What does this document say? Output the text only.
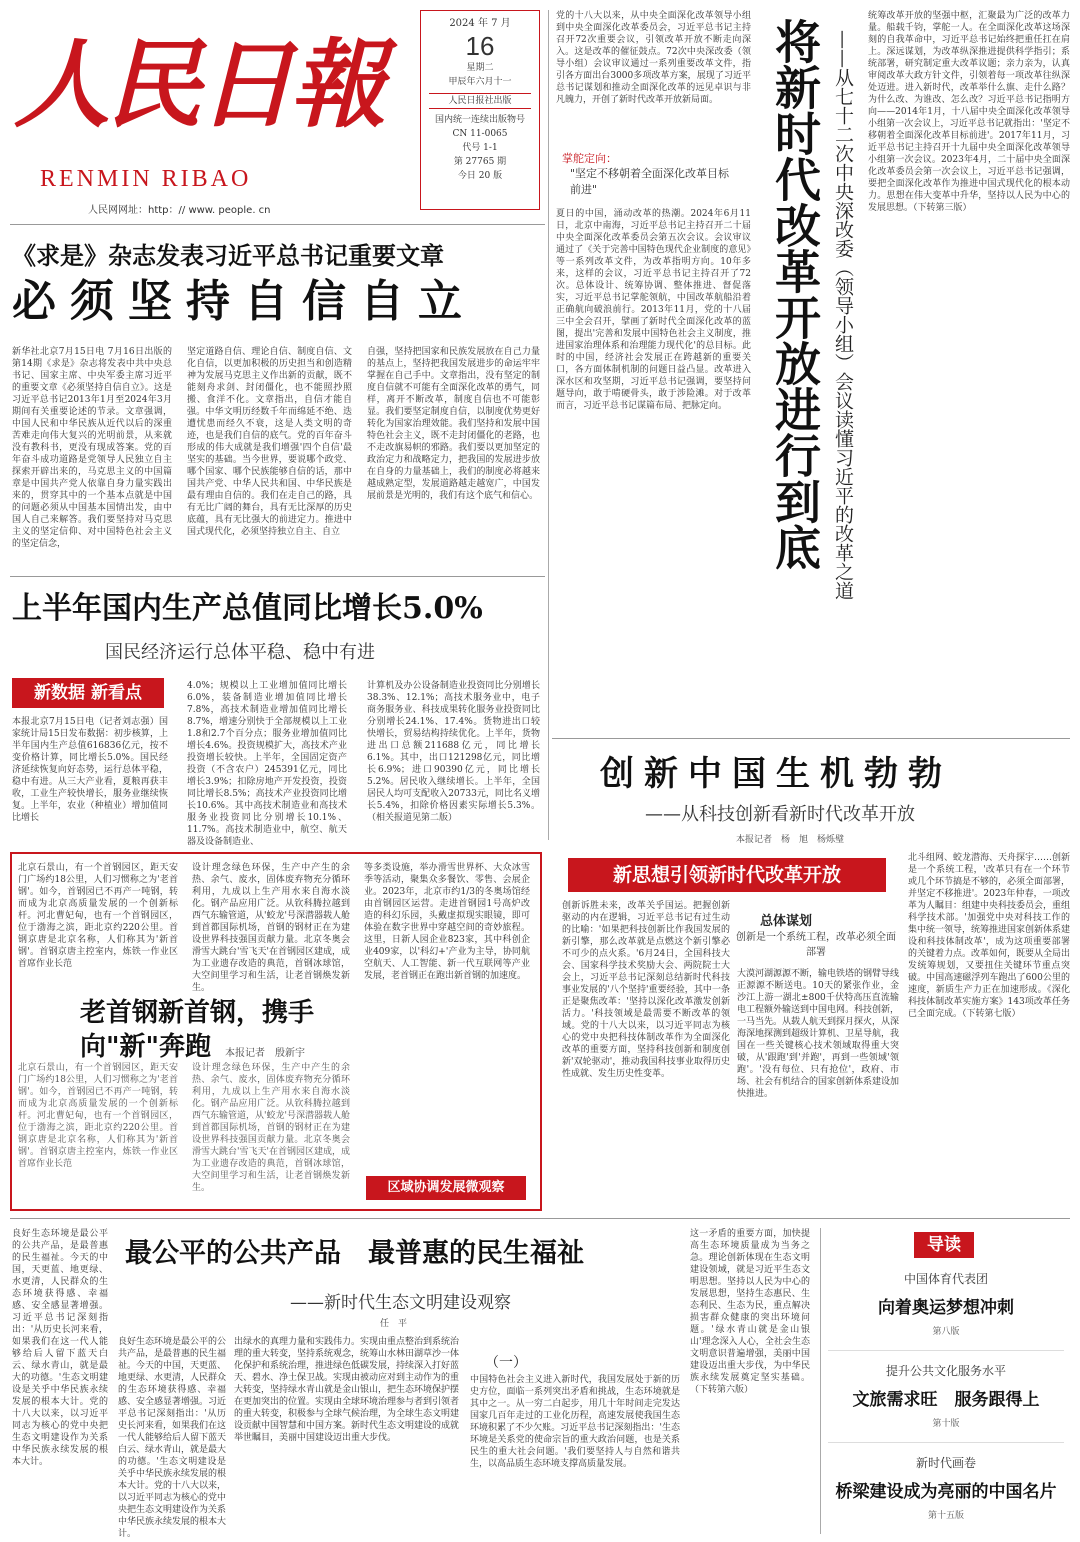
人民日報
RENMIN RIBAO
人民网网址：http：// www. people. cn
2024 年 7 月
16
星期二
甲辰年六月十一
人民日报社出版
国内统一连续出版物号
CN 11-0065
代号 1-1
第 27765 期
今日 20 版
《求是》杂志发表习近平总书记重要文章
必须坚持自信自立
新华社北京7月15日电 7月16日出版的第14期《求是》杂志将发表中共中央总书记、国家主席、中央军委主席习近平的重要文章《必须坚持自信自立》。这是习近平总书记2013年1月至2024年3月期间有关重要论述的节录。文章强调，中国人民和中华民族从近代以后的深重苦难走向伟大复兴的光明前景，从来就没有教科书，更没有现成答案。党的百年奋斗成功道路是党领导人民独立自主探索开辟出来的，马克思主义的中国篇章是中国共产党人依靠自身力量实践出来的，贯穿其中的一个基本点就是中国的问题必须从中国基本国情出发，由中国人自己来解答。我们要坚持对马克思主义的坚定信仰、对中国特色社会主义的坚定信念，
坚定道路自信、理论自信、制度自信、文化自信，以更加积极的历史担当和创造精神为发展马克思主义作出新的贡献，既不能刻舟求剑、封闭僵化，也不能照抄照搬、食洋不化。文章指出，自信才能自强。中华文明历经数千年而绵延不绝、迭遭忧患而经久不衰，这是人类文明的奇迹，也是我们自信的底气。党的百年奋斗形成的伟大成就是我们增强'四个自信'最坚实的基础。当今世界，要说哪个政党、哪个国家、哪个民族能够自信的话，那中国共产党、中华人民共和国、中华民族是最有理由自信的。我们在走自己的路，具有无比广阔的舞台，具有无比深厚的历史底蕴，具有无比强大的前进定力。推进中国式现代化，必须坚持独立自主、自立
自强，坚持把国家和民族发展放在自己力量的基点上，坚持把我国发展进步的命运牢牢掌握在自己手中。文章指出，没有坚定的制度自信就不可能有全面深化改革的勇气，同样，离开不断改革，制度自信也不可能彰显。我们要坚定制度自信，以制度优势更好转化为国家治理效能。我们坚持和发展中国特色社会主义，既不走封闭僵化的老路，也不走改旗易帜的邪路。我们要以更加坚定的政治定力和战略定力，把我国的发展进步放在自身的力量基础上，我们的制度必将越来越成熟定型，发展道路越走越宽广，中国发展前景是光明的，我们有这个底气和信心。
上半年国内生产总值同比增长5.0%
国民经济运行总体平稳、稳中有进
新数据 新看点
本报北京7月15日电（记者刘志强）国家统计局15日发布数据：初步核算，上半年国内生产总值616836亿元，按不变价格计算，同比增长5.0%。国民经济延续恢复向好态势，运行总体平稳，稳中有进。从三大产业看，夏粮再获丰收，工业生产较快增长，服务业继续恢复。上半年，农业（种植业）增加值同比增长
4.0%；规模以上工业增加值同比增长6.0%，装备制造业增加值同比增长7.8%，高技术制造业增加值同比增长8.7%，增速分别快于全部规模以上工业1.8和2.7个百分点；服务业增加值同比增长4.6%。投资规模扩大，高技术产业投资增长较快。上半年，全国固定资产投资（不含农户）245391亿元，同比增长3.9%；扣除房地产开发投资，投资同比增长8.5%；高技术产业投资同比增长10.6%。其中高技术制造业和高技术服务业投资同比分别增长10.1%、11.7%。高技术制造业中，航空、航天器及设备制造业、
计算机及办公设备制造业投资同比分别增长38.3%、12.1%；高技术服务业中，电子商务服务业、科技成果转化服务业投资同比分别增长24.1%、17.4%。货物进出口较快增长，贸易结构持续优化。上半年，货物进出口总额211688亿元，同比增长6.1%。其中，出口121298亿元，同比增长6.9%；进口90390亿元，同比增长5.2%。居民收入继续增长。上半年，全国居民人均可支配收入20733元，同比名义增长5.4%，扣除价格因素实际增长5.3%。（相关报道见第二版）
北京石景山，有一个首钢园区，距天安门广场约18公里，人们习惯称之为'老首钢'。如今，首钢园已不再产一吨钢，转而成为北京高质量发展的一个创新标杆。河北曹妃甸，也有一个首钢园区，位于渤海之滨，距北京约220公里。首钢京唐是北京名称，人们称其为'新首钢'。首钢京唐主控室内，炼铁一作业区首席作业长范
设计理念绿色环保，生产中产生的余热、余气、废水，固体废弃物充分循环利用，九成以上生产用水来自海水淡化。钢产品应用广泛。从钦科腾拉越到西气东输管道，从'蛟龙'号深潜器载人舱到首都国际机场，首钢的钢材正在为建设世界科技强国贡献力量。北京冬奥会滑雪大跳台'雪飞天'在首钢园区建成，成为工业遗存改造的典范，首钢冰球馆，大空间里学习和生活，让老首钢焕发新生。
等多类设施，举办滑雪世界杯、大众冰雪季等活动，聚集众多餐饮、零售、会展企业。2023年，北京市约1/3的冬奥场馆经由首钢园区运营。走进首钢园1号高炉改造的科幻乐园，头戴虚拟现实眼镜，即可体验在数字世界中穿越空间的奇妙旅程。这里，日新人园企业823家，其中科创企业409家，以'科幻+'产业为主导，协同航空航天、人工智能、新一代互联网等产业发展，老首钢正在跑出新首钢的加速度。
老首钢新首钢，携手向"新"奔跑	本报记者　殷新宇
北京石景山，有一个首钢园区，距天安门广场约18公里，人们习惯称之为'老首钢'。如今，首钢园已不再产一吨钢，转而成为北京高质量发展的一个创新标杆。河北曹妃甸，也有一个首钢园区，位于渤海之滨，距北京约220公里。首钢京唐是北京名称，人们称其为'新首钢'。首钢京唐主控室内，炼铁一作业区首席作业长范
设计理念绿色环保，生产中产生的余热、余气、废水，固体废弃物充分循环利用，九成以上生产用水来自海水淡化。钢产品应用广泛。从钦科腾拉越到西气东输管道，从'蛟龙'号深潜器载人舱到首都国际机场，首钢的钢材正在为建设世界科技强国贡献力量。北京冬奥会滑雪大跳台'雪飞天'在首钢园区建成，成为工业遗存改造的典范，首钢冰球馆，大空间里学习和生活，让老首钢焕发新生。	区域协调发展微观察
党的十八大以来，从中央全面深化改革领导小组到中央全面深化改革委员会，习近平总书记主持召开72次重要会议，引领改革开放不断走向深入。这是改革的催征鼓点。72次中央深改委（领导小组）会议审议通过一系列重要改革文件，指引各方面出台3000多项改革方案，展现了习近平总书记谋划和推动全面深化改革的远见卓识与非凡魄力，开创了新时代改革开放新局面。
掌舵定向：
"坚定不移朝着全面深化改革目标前进"
夏日的中国，涌动改革的热潮。2024年6月11日，北京中南海，习近平总书记主持召开二十届中央全面深化改革委员会第五次会议。会议审议通过了《关于完善中国特色现代企业制度的意见》等一系列改革文件，为改革指明方向。10年多来，这样的会议，习近平总书记主持召开了72次。总体设计、统筹协调、整体推进、督促落实，习近平总书记掌舵领航，中国改革航船沿着正确航向破浪前行。2013年11月，党的十八届三中全会召开，擘画了新时代全面深化改革的蓝图，提出'完善和发展中国特色社会主义制度，推进国家治理体系和治理能力现代化'的总目标。此时的中国，经济社会发展正在跨越新的重要关口，各方面体制机制的问题日益凸显。改革进入深水区和攻坚期，习近平总书记强调，要坚持问题导向，敢于啃硬骨头，敢于涉险滩。对于改革而言，习近平总书记谋篇布局、把脉定向。 将新时代改革开放进行到底 ——从七十二次中央深改委（领导小组）会议读懂习近平的改革之道
统筹改革开放的坚强中枢，汇聚最为广泛的改革力量。船载千钧，掌舵一人。在全面深化改革这场深刻的自我革命中，习近平总书记始终把重任扛在肩上。深远谋划，为改革纵深推进提供科学指引；系统部署，研究制定重大改革议题；亲力亲为，认真审阅改革大政方针文件，引领着每一项改革往纵深处迈进。进入新时代，改革举什么旗、走什么路？为什么改、为谁改、怎么改？习近平总书记指明方向——2014年1月，十八届中央全面深化改革领导小组第一次会议上，习近平总书记就指出：'坚定不移朝着全面深化改革目标前进'。2017年11月，习近平总书记主持召开十九届中央全面深化改革领导小组第一次会议。2023年4月，二十届中央全面深化改革委员会第一次会议上，习近平总书记强调，要把全面深化改革作为推进中国式现代化的根本动力。思想在伟大变革中升华，坚持以人民为中心的发展思想。（下转第三版）
创新中国生机勃勃
——从科技创新看新时代改革开放
本报记者　杨　旭　杨烁璧
新思想引领新时代改革开放
创新诉胜未来，改革关乎国运。把握创新驱动的内在逻辑，习近平总书记有过生动的比喻：'如果把科技创新比作我国发展的新引擎，那么改革就是点燃这个新引擎必不可少的点火系。'6月24日，全国科技大会、国家科学技术奖励大会、两院院士大会上，习近平总书记深刻总结新时代科技事业发展的'八个坚持'重要经验，其中一条正是聚焦改革：'坚持以深化改革激发创新活力。'科技领域是最需要不断改革的领域。党的十八大以来，以习近平同志为核心的党中央把科技体制改革作为全面深化改革的重要方面，坚持科技创新和制度创新'双轮驱动'，推动我国科技事业取得历史性成就、发生历史性变革。
总体谋划
创新是一个系统工程，改革必须全面部署
大漠河湖源源不断，输电铁塔的钢臂导线正源源不断送电。10天的紧张作业，金沙江上游一湖北±800千伏特高压直流输电工程额外输送到中国电网。科技创新，一马当先。从载人航天到探月探火，从深海深地探测到超级计算机、卫星导航，我国在一些关键核心技术领域取得重大突破，从'跟跑'到'并跑'，再到一些领域'领跑'。'没有每位、只有抢位'，政府、市场、社会有机结合的国家创新体系建设加快推进。
北斗组网、蛟龙潜海、天舟探宇……创新是一个系统工程，'改革只有在一个环节或几个环节搞是不够的，必须全面部署，并坚定不移推进'。2023年仲春，一项改革为人瞩目：组建中央科技委员会，重组科学技术部。'加强党中央对科技工作的集中统一领导，统筹推进国家创新体系建设和科技体制改革'，成为这项重要部署的关键着力点。改革如何，既要从全局出发统筹规划，又要扭住关键环节重点突破。中国高速磁浮列车跑出了600公里的速度，新质生产力正在加速形成。《深化科技体制改革实施方案》143项改革任务已全面完成。（下转第七版）
良好生态环境是最公平的公共产品，是最普惠的民生福祉。今天的中国，天更蓝、地更绿、水更清，人民群众的生态环境获得感、幸福感、安全感显著增强。习近平总书记深刻指出：'从历史长河来看，如果我们在这一代人能够给后人留下蓝天白云、绿水青山，就是最大的功德。'生态文明建设是关乎中华民族永续发展的根本大计。党的十八大以来，以习近平同志为核心的党中央把生态文明建设作为关系中华民族永续发展的根本大计。
最公平的公共产品　最普惠的民生福祉
——新时代生态文明建设观察
任　平
良好生态环境是最公平的公共产品，是最普惠的民生福祉。今天的中国，天更蓝、地更绿、水更清，人民群众的生态环境获得感、幸福感、安全感显著增强。习近平总书记深刻指出：'从历史长河来看，如果我们在这一代人能够给后人留下蓝天白云、绿水青山，就是最大的功德。'生态文明建设是关乎中华民族永续发展的根本大计。党的十八大以来，以习近平同志为核心的党中央把生态文明建设作为关系中华民族永续发展的根本大计。
出绿水的真理力量和实践伟力。实现由重点整治到系统治理的重大转变，坚持系统观念，统筹山水林田湖草沙一体化保护和系统治理，推进绿色低碳发展，持续深入打好蓝天、碧水、净土保卫战。实现由被动应对到主动作为的重大转变，坚持绿水青山就是金山银山，把生态环境保护摆在更加突出的位置。实现由全球环境治理参与者到引领者的重大转变，积极参与全球气候治理，为全球生态文明建设贡献中国智慧和中国方案。新时代生态文明建设的成就举世瞩目，美丽中国建设迈出重大步伐。
（一）
中国特色社会主义进入新时代，我国发展处于新的历史方位，面临一系列突出矛盾和挑战，生态环境就是其中之一。从一穷二白起步，用几十年时间走完发达国家几百年走过的工业化历程，高速发展使我国生态环境积累了不少欠账。习近平总书记深刻指出：'生态环境是关系党的使命宗旨的重大政治问题，也是关系民生的重大社会问题。'我们要坚持人与自然和谐共生，以高品质生态环境支撑高质量发展。
这一矛盾的重要方面，加快提高生态环境质量成为当务之急。理论创新体现在生态文明建设领域，就是习近平生态文明思想。坚持以人民为中心的发展思想，坚持生态惠民、生态利民、生态为民，重点解决损害群众健康的突出环境问题。'绿水青山就是金山银山'理念深入人心，全社会生态文明意识普遍增强，美丽中国建设迈出重大步伐，为中华民族永续发展奠定坚实基础。（下转第六版）
导读
中国体育代表团
向着奥运梦想冲刺
第八版
提升公共文化服务水平
文旅需求旺　服务跟得上
第十版
新时代画卷
桥梁建设成为亮丽的中国名片
第十五版
